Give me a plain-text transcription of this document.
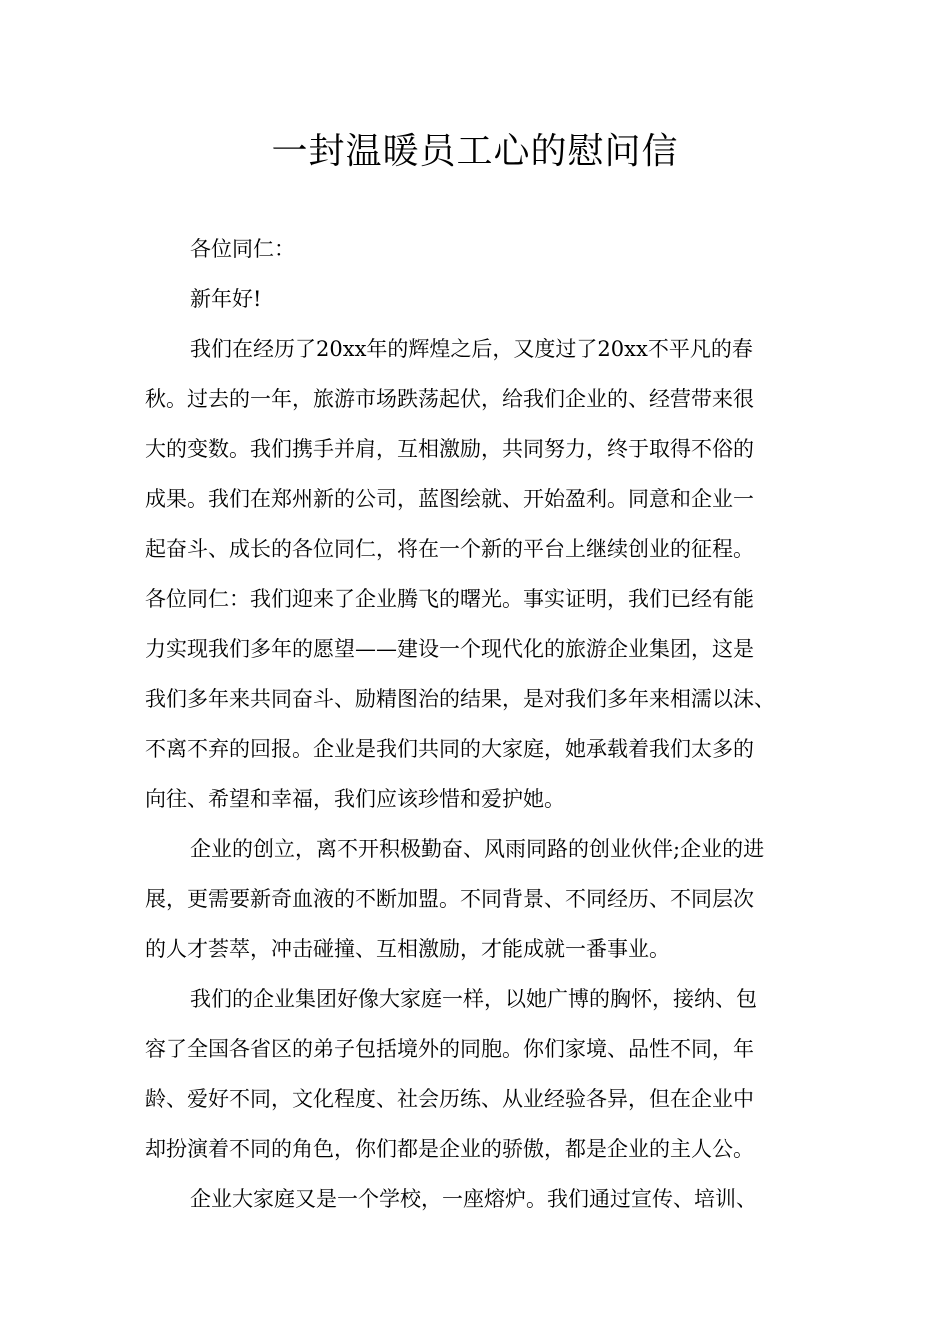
一封温暖员工心的慰问信
各位同仁：
新年好!
我们在经历了20xx年的辉煌之后，又度过了20xx不平凡的春
秋。过去的一年，旅游市场跌荡起伏，给我们企业的、经营带来很
大的变数。我们携手并肩，互相激励，共同努力，终于取得不俗的
成果。我们在郑州新的公司，蓝图绘就、开始盈利。同意和企业一
起奋斗、成长的各位同仁，将在一个新的平台上继续创业的征程。
各位同仁：我们迎来了企业腾飞的曙光。事实证明，我们已经有能
力实现我们多年的愿望——建设一个现代化的旅游企业集团，这是
我们多年来共同奋斗、励精图治的结果，是对我们多年来相濡以沫、
不离不弃的回报。企业是我们共同的大家庭，她承载着我们太多的
向往、希望和幸福，我们应该珍惜和爱护她。
企业的创立，离不开积极勤奋、风雨同路的创业伙伴;企业的进
展，更需要新奇血液的不断加盟。不同背景、不同经历、不同层次
的人才荟萃，冲击碰撞、互相激励，才能成就一番事业。
我们的企业集团好像大家庭一样，以她广博的胸怀，接纳、包
容了全国各省区的弟子包括境外的同胞。你们家境、品性不同，年
龄、爱好不同，文化程度、社会历练、从业经验各异，但在企业中
却扮演着不同的角色，你们都是企业的骄傲，都是企业的主人公。
企业大家庭又是一个学校，一座熔炉。我们通过宣传、培训、
